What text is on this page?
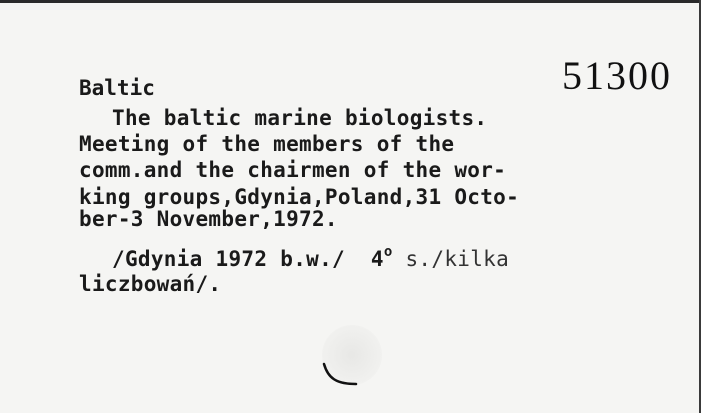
51300
Baltic
The baltic marine biologists.
Meeting of the members of the
comm.and the chairmen of the wor-
king groups,Gdynia,Poland,31 Octo-
ber-3 November,1972.
/Gdynia 1972 b.w./  4$^o$ s./kilka
liczbowań/.
